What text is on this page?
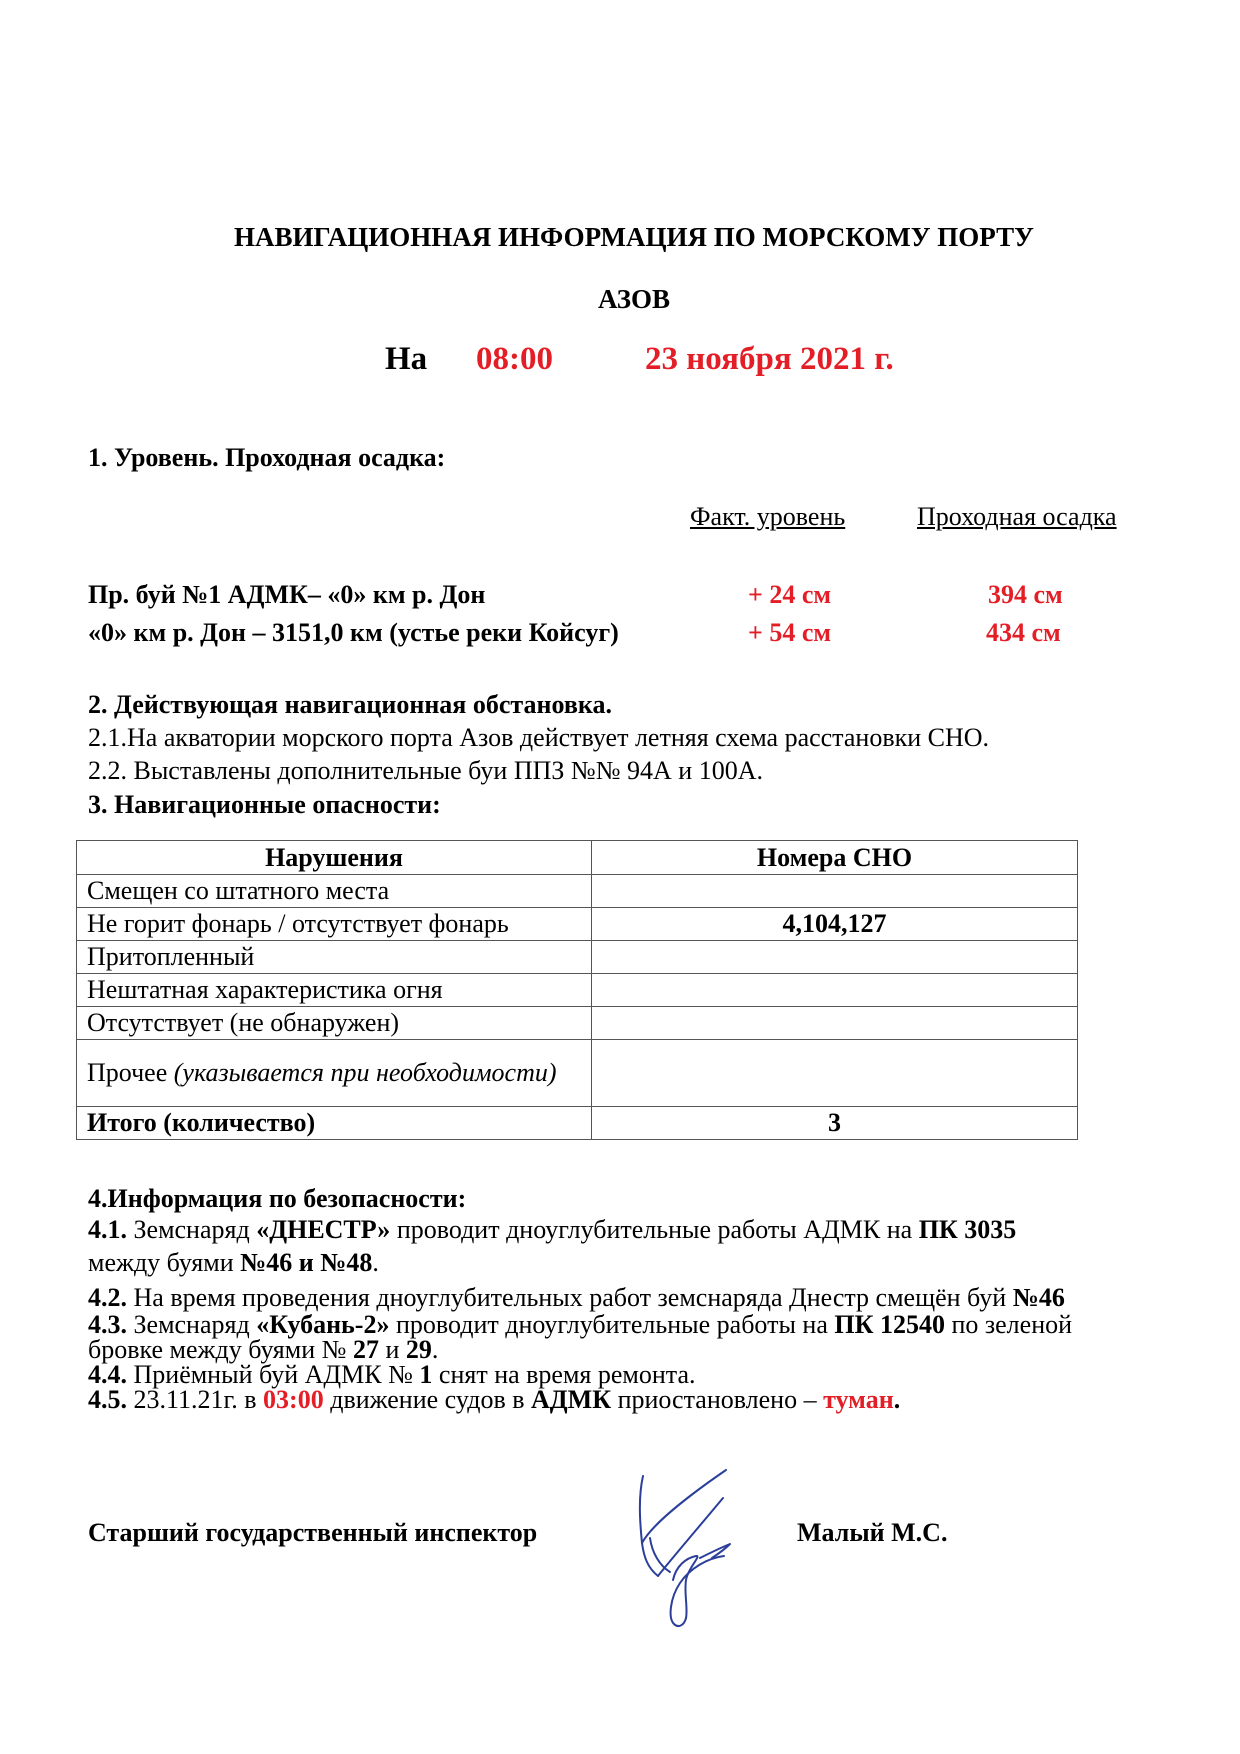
НАВИГАЦИОННАЯ ИНФОРМАЦИЯ ПО МОРСКОМУ ПОРТУ
АЗОВ
На 08:00	23 ноября 2021 г.
1. Уровень. Проходная осадка:
Факт. уровень	Проходная осадка
Пр. буй №1 АДМК– «0» км р. Дон	+ 24 см	394 см
«0» км р. Дон – 3151,0 км (устье реки Койсуг)	+ 54 см	434 см
2. Действующая навигационная обстановка.
2.1.На акватории морского порта Азов действует летняя схема расстановки СНО.
2.2. Выставлены дополнительные буи ППЗ №№ 94А и 100А.
3. Навигационные опасности:
Нарушения	Номера СНО
Смещен со штатного места	
Не горит фонарь / отсутствует фонарь	4,104,127
Притопленный	
Нештатная характеристика огня	
Отсутствует (не обнаружен)	
Прочее (указывается при необходимости)	
Итого (количество)	3
4.Информация по безопасности:
4.1. Земснаряд «ДНЕСТР» проводит дноуглубительные работы АДМК на ПК 3035
между буями №46 и №48.
4.2. На время проведения дноуглубительных работ земснаряда Днестр смещён буй №46
4.3. Земснаряд «Кубань-2» проводит дноуглубительные работы на ПК 12540 по зеленой
бровке между буями № 27 и 29.
4.4. Приёмный буй АДМК № 1 снят на время ремонта.
4.5. 23.11.21г. в 03:00 движение судов в АДМК приостановлено – туман.
Старший государственный инспектор	Малый М.С.
